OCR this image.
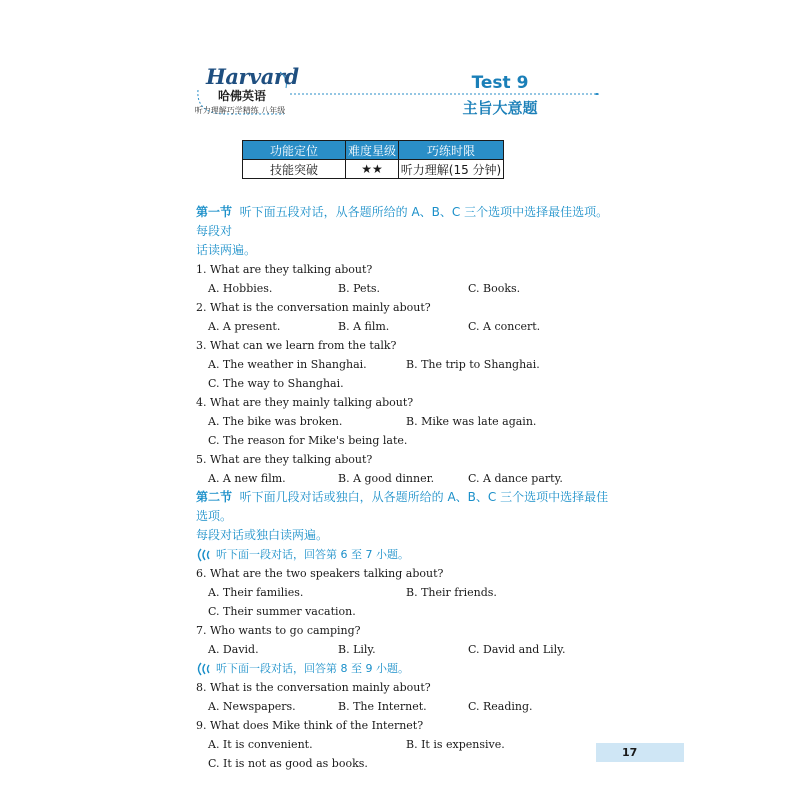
Harvard
哈佛英语
听力理解巧学精练 八年级
Test 9
主旨大意题
功能定位	难度星级	巧练时限
技能突破	★★	听力理解(15 分钟)
第一节 听下面五段对话，从各题所给的 A、B、C 三个选项中选择最佳选项。每段对
话读两遍。
1. What are they talking about?
A. Hobbies.	B. Pets.	C. Books.
2. What is the conversation mainly about?
A. A present.	B. A film.	C. A concert.
3. What can we learn from the talk?
A. The weather in Shanghai.	B. The trip to Shanghai.
C. The way to Shanghai.
4. What are they mainly talking about?
A. The bike was broken.	B. Mike was late again.
C. The reason for Mike's being late.
5. What are they talking about?
A. A new film.	B. A good dinner.	C. A dance party.
第二节 听下面几段对话或独白，从各题所给的 A、B、C 三个选项中选择最佳选项。
每段对话或独白读两遍。
听下面一段对话，回答第 6 至 7 小题。
6. What are the two speakers talking about?
A. Their families.	B. Their friends.
C. Their summer vacation.
7. Who wants to go camping?
A. David.	B. Lily.	C. David and Lily.
听下面一段对话，回答第 8 至 9 小题。
8. What is the conversation mainly about?
A. Newspapers.	B. The Internet.	C. Reading.
9. What does Mike think of the Internet?
A. It is convenient.	B. It is expensive.
C. It is not as good as books.
17
